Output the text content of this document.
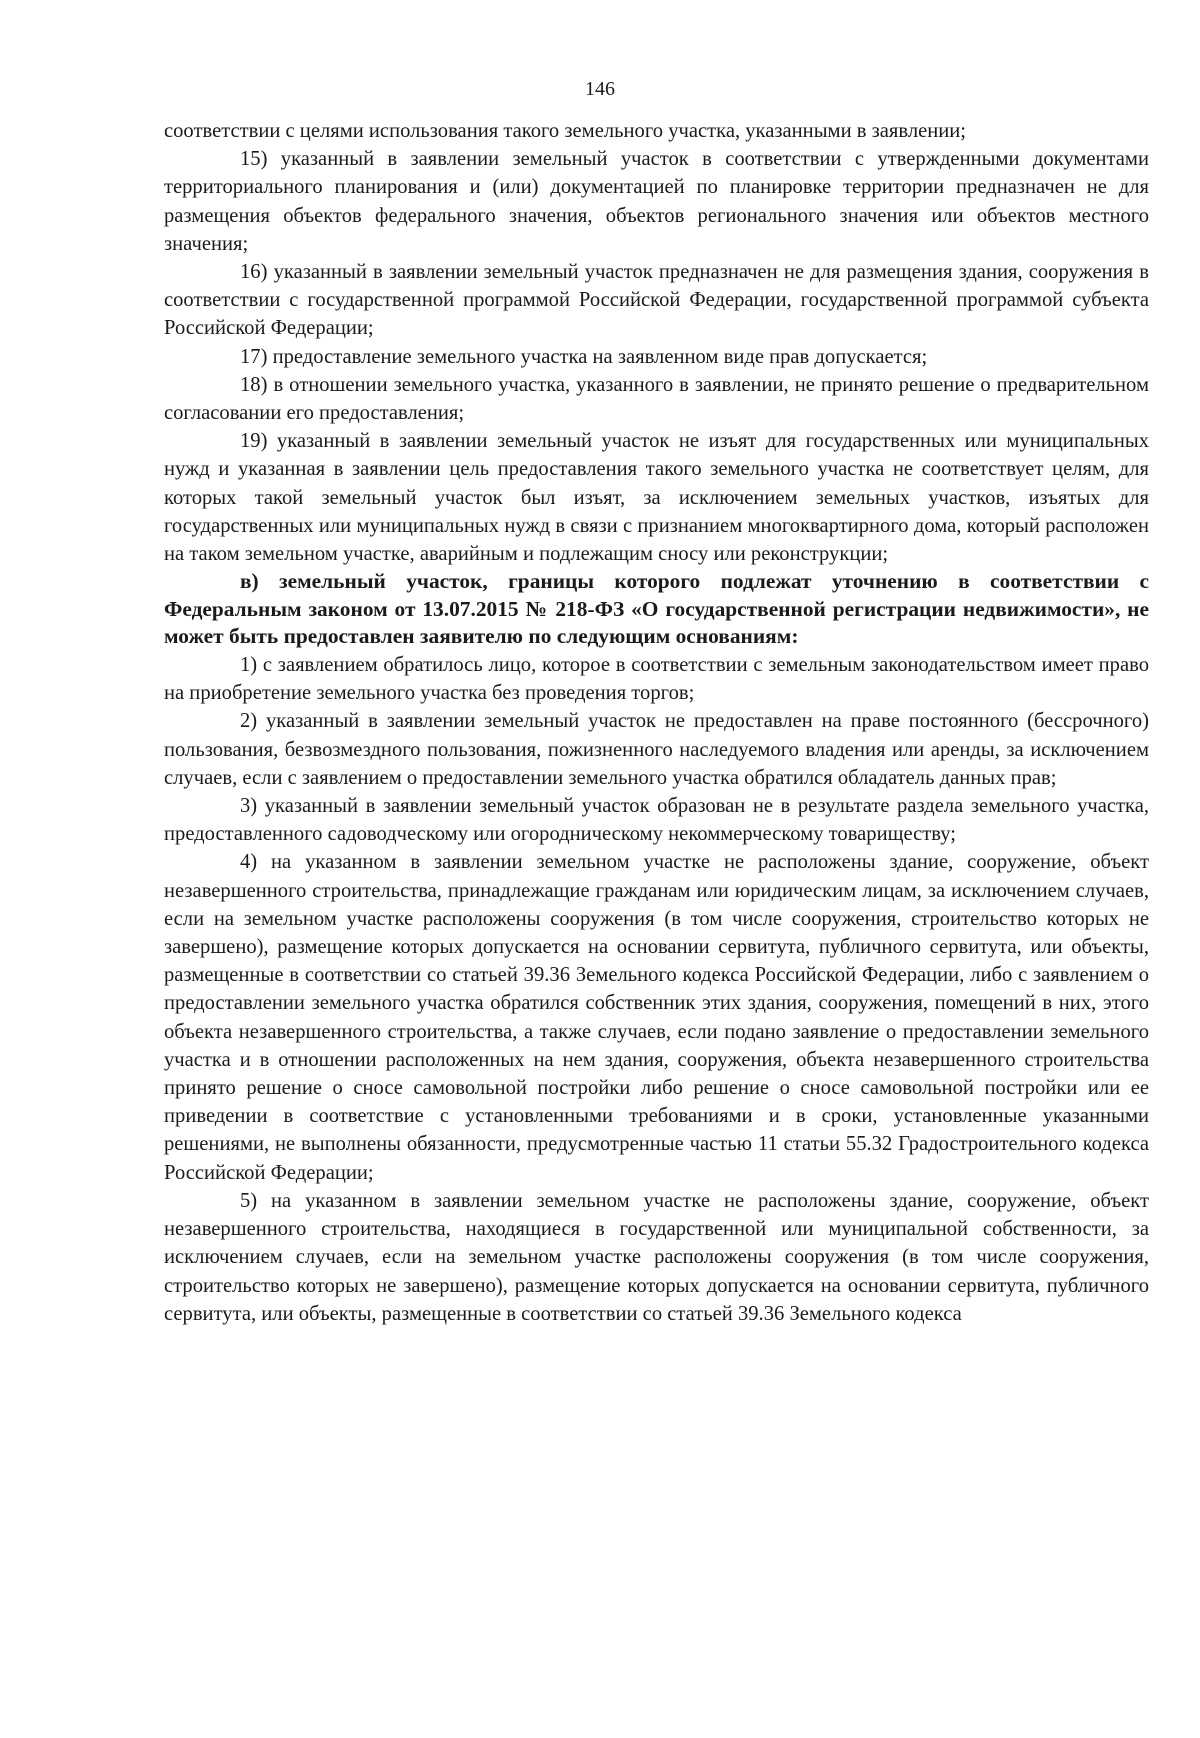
146

соответствии с целями использования такого земельного участка, указанными в заявлении;

15) указанный в заявлении земельный участок в соответствии с утвержденными документами территориального планирования и (или) документацией по планировке территории предназначен не для размещения объектов федерального значения, объектов регионального значения или объектов местного значения;

16) указанный в заявлении земельный участок предназначен не для размещения здания, сооружения в соответствии с государственной программой Российской Федерации, государственной программой субъекта Российской Федерации;

17) предоставление земельного участка на заявленном виде прав допускается;

18) в отношении земельного участка, указанного в заявлении, не принято решение о предварительном согласовании его предоставления;

19) указанный в заявлении земельный участок не изъят для государственных или муниципальных нужд и указанная в заявлении цель предоставления такого земельного участка не соответствует целям, для которых такой земельный участок был изъят, за исключением земельных участков, изъятых для государственных или муниципальных нужд в связи с признанием многоквартирного дома, который расположен на таком земельном участке, аварийным и подлежащим сносу или реконструкции;

в) земельный участок, границы которого подлежат уточнению в соответствии с Федеральным законом от 13.07.2015 № 218-ФЗ «О государственной регистрации недвижимости», не может быть предоставлен заявителю по следующим основаниям:

1) с заявлением обратилось лицо, которое в соответствии с земельным законодательством имеет право на приобретение земельного участка без проведения торгов;

2) указанный в заявлении земельный участок не предоставлен на праве постоянного (бессрочного) пользования, безвозмездного пользования, пожизненного наследуемого владения или аренды, за исключением случаев, если с заявлением о предоставлении земельного участка обратился обладатель данных прав;

3) указанный в заявлении земельный участок образован не в результате раздела земельного участка, предоставленного садоводческому или огородническому некоммерческому товариществу;

4) на указанном в заявлении земельном участке не расположены здание, сооружение, объект незавершенного строительства, принадлежащие гражданам или юридическим лицам, за исключением случаев, если на земельном участке расположены сооружения (в том числе сооружения, строительство которых не завершено), размещение которых допускается на основании сервитута, публичного сервитута, или объекты, размещенные в соответствии со статьей 39.36 Земельного кодекса Российской Федерации, либо с заявлением о предоставлении земельного участка обратился собственник этих здания, сооружения, помещений в них, этого объекта незавершенного строительства, а также случаев, если подано заявление о предоставлении земельного участка и в отношении расположенных на нем здания, сооружения, объекта незавершенного строительства принято решение о сносе самовольной постройки либо решение о сносе самовольной постройки или ее приведении в соответствие с установленными требованиями и в сроки, установленные указанными решениями, не выполнены обязанности, предусмотренные частью 11 статьи 55.32 Градостроительного кодекса Российской Федерации;

5) на указанном в заявлении земельном участке не расположены здание, сооружение, объект незавершенного строительства, находящиеся в государственной или муниципальной собственности, за исключением случаев, если на земельном участке расположены сооружения (в том числе сооружения, строительство которых не завершено), размещение которых допускается на основании сервитута, публичного сервитута, или объекты, размещенные в соответствии со статьей 39.36 Земельного кодекса
